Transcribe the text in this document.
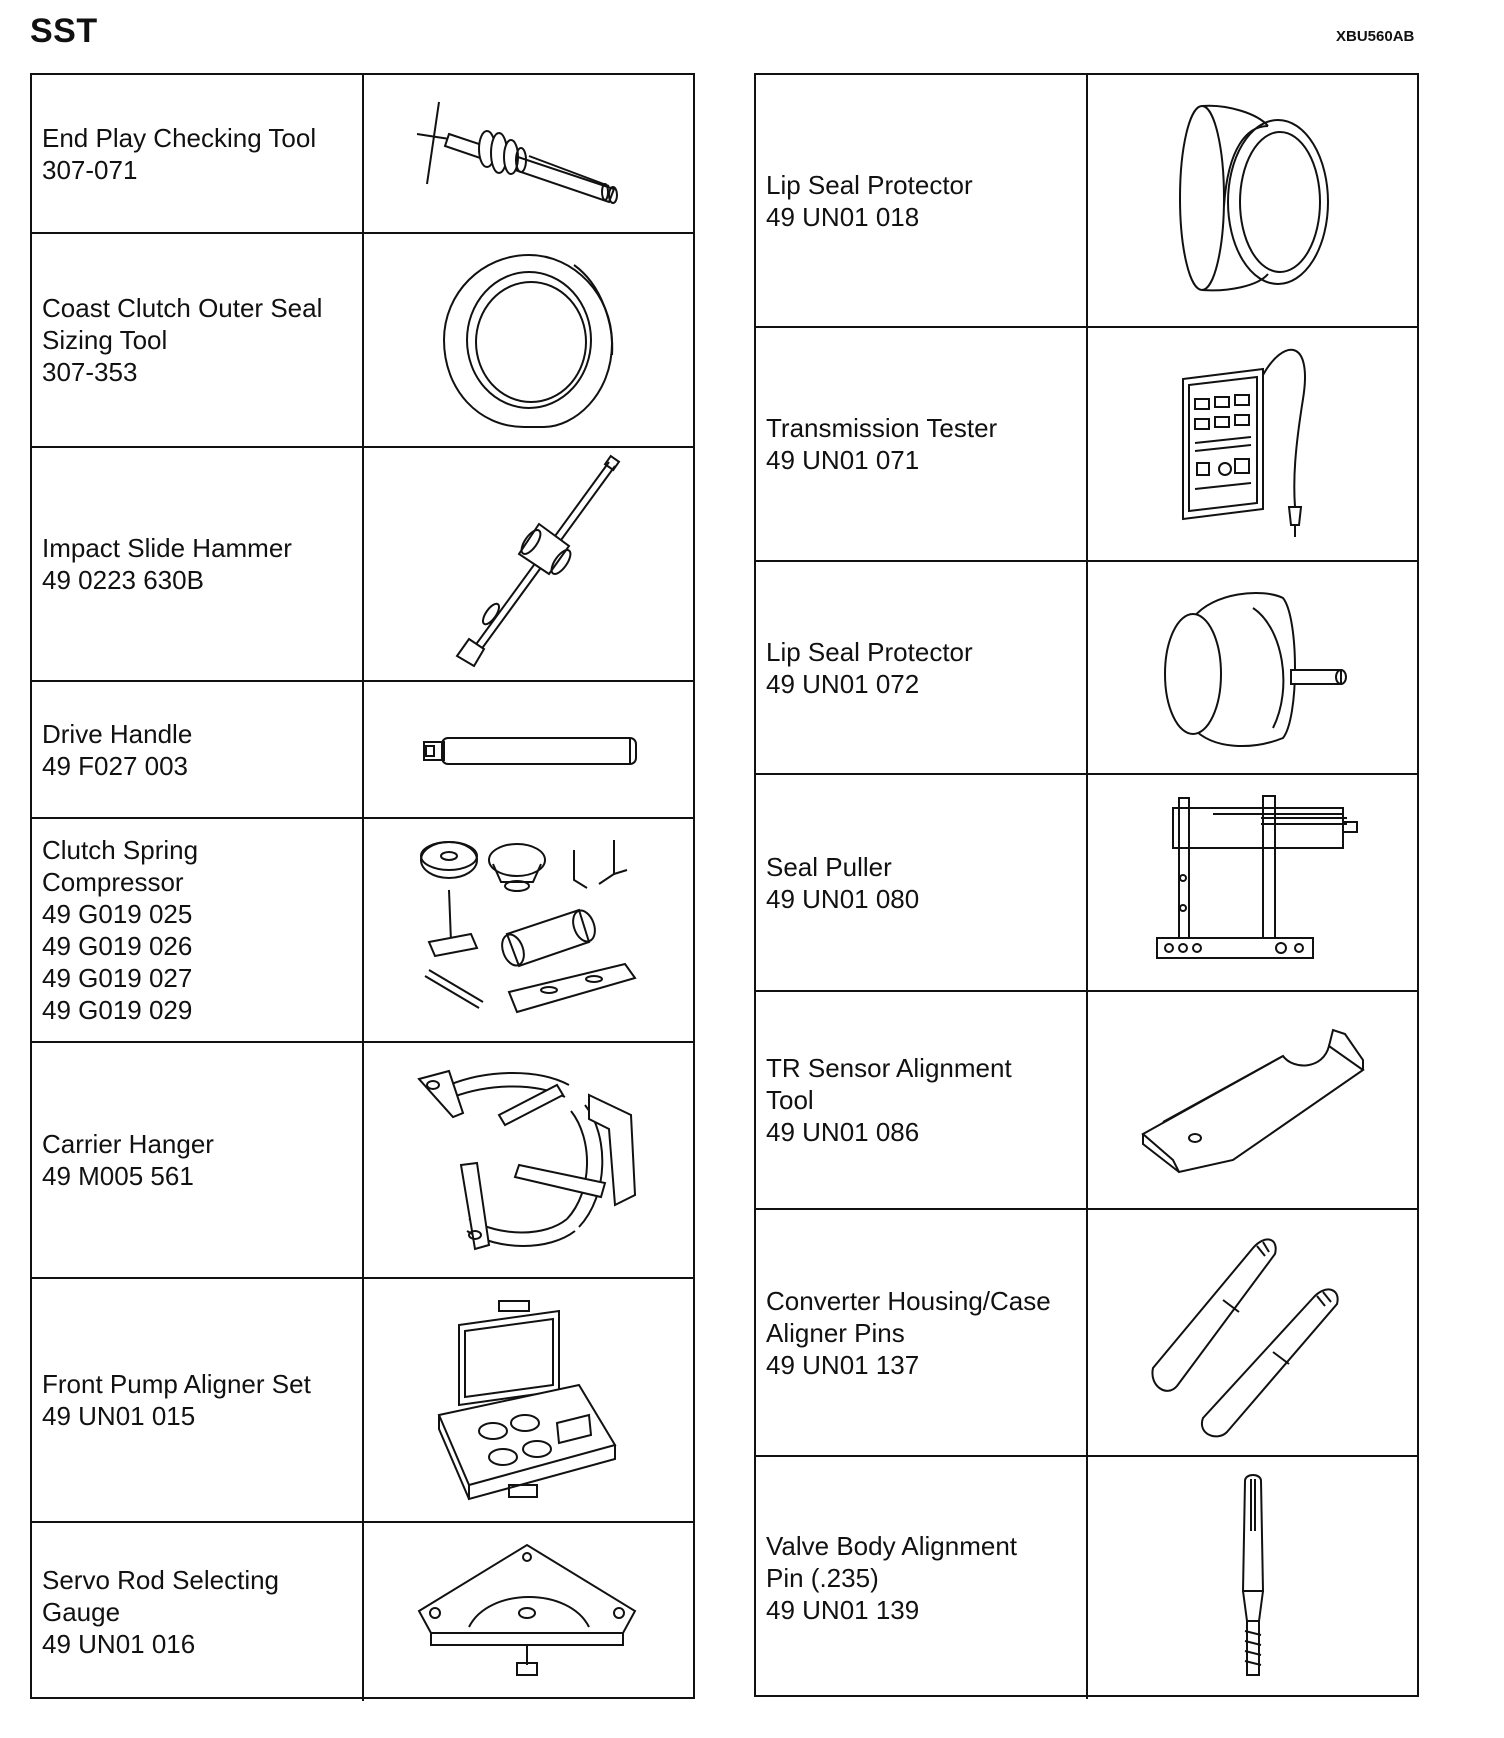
SST	XBU560AB
End Play Checking Tool
307-071
Coast Clutch Outer Seal
Sizing Tool
307-353
Impact Slide Hammer
49 0223 630B
Drive Handle
49 F027 003
Clutch Spring
Compressor
49 G019 025
49 G019 026
49 G019 027
49 G019 029
Carrier Hanger
49 M005 561
Front Pump Aligner Set
49 UN01 015
Servo Rod Selecting
Gauge
49 UN01 016
Lip Seal Protector
49 UN01 018
Transmission Tester
49 UN01 071
Lip Seal Protector
49 UN01 072
Seal Puller
49 UN01 080
TR Sensor Alignment
Tool
49 UN01 086
Converter Housing/Case
Aligner Pins
49 UN01 137
Valve Body Alignment
Pin (.235)
49 UN01 139
